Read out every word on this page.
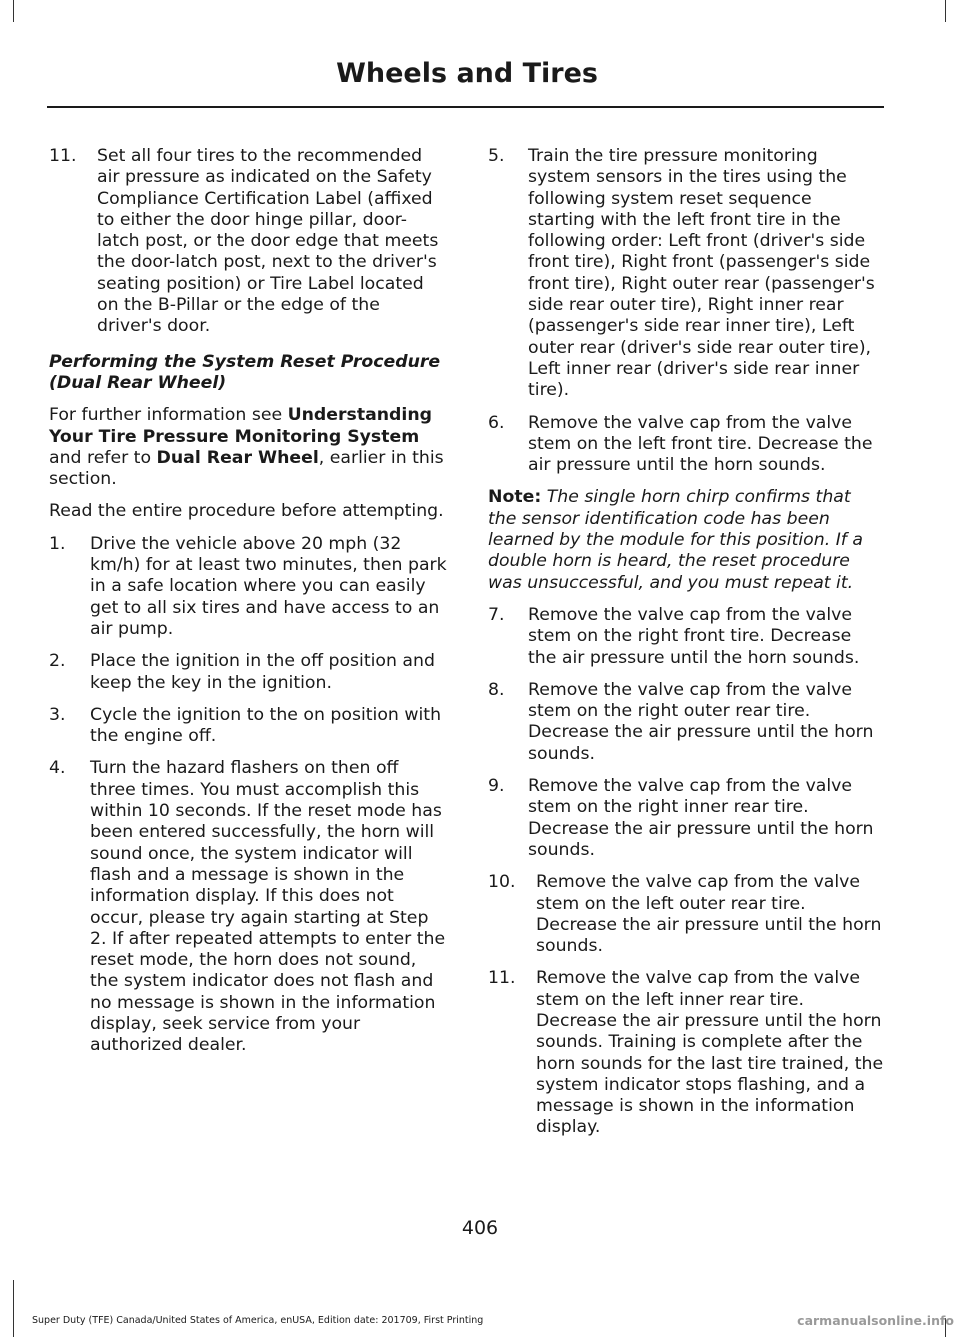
Wheels and Tires
11.	Set all four tires to the recommended air pressure as indicated on the Safety Compliance Certification Label (affixed to either the door hinge pillar, door-latch post, or the door edge that meets the door-latch post, next to the driver's seating position) or Tire Label located on the B-Pillar or the edge of the driver's door.
Performing the System Reset Procedure (Dual Rear Wheel)
For further information see Understanding Your Tire Pressure Monitoring System and refer to Dual Rear Wheel, earlier in this section.
Read the entire procedure before attempting.
1.	Drive the vehicle above 20 mph (32 km/h) for at least two minutes, then park in a safe location where you can easily get to all six tires and have access to an air pump.
2.	Place the ignition in the off position and keep the key in the ignition.
3.	Cycle the ignition to the on position with the engine off.
4.	Turn the hazard flashers on then off three times. You must accomplish this within 10 seconds. If the reset mode has been entered successfully, the horn will sound once, the system indicator will flash and a message is shown in the information display. If this does not occur, please try again starting at Step 2. If after repeated attempts to enter the reset mode, the horn does not sound, the system indicator does not flash and no message is shown in the information display, seek service from your authorized dealer.
5.	Train the tire pressure monitoring system sensors in the tires using the following system reset sequence starting with the left front tire in the following order: Left front (driver's side front tire), Right front (passenger's side front tire), Right outer rear (passenger's side rear outer tire), Right inner rear (passenger's side rear inner tire), Left outer rear (driver's side rear outer tire), Left inner rear (driver's side rear inner tire).
6.	Remove the valve cap from the valve stem on the left front tire. Decrease the air pressure until the horn sounds.
Note: The single horn chirp confirms that the sensor identification code has been learned by the module for this position. If a double horn is heard, the reset procedure was unsuccessful, and you must repeat it.
7.	Remove the valve cap from the valve stem on the right front tire. Decrease the air pressure until the horn sounds.
8.	Remove the valve cap from the valve stem on the right outer rear tire. Decrease the air pressure until the horn sounds.
9.	Remove the valve cap from the valve stem on the right inner rear tire. Decrease the air pressure until the horn sounds.
10.	Remove the valve cap from the valve stem on the left outer rear tire. Decrease the air pressure until the horn sounds.
11.	Remove the valve cap from the valve stem on the left inner rear tire. Decrease the air pressure until the horn sounds. Training is complete after the horn sounds for the last tire trained, the system indicator stops flashing, and a message is shown in the information display.
406
Super Duty (TFE) Canada/United States of America, enUSA, Edition date: 201709, First Printing	carmanualsonline.info
